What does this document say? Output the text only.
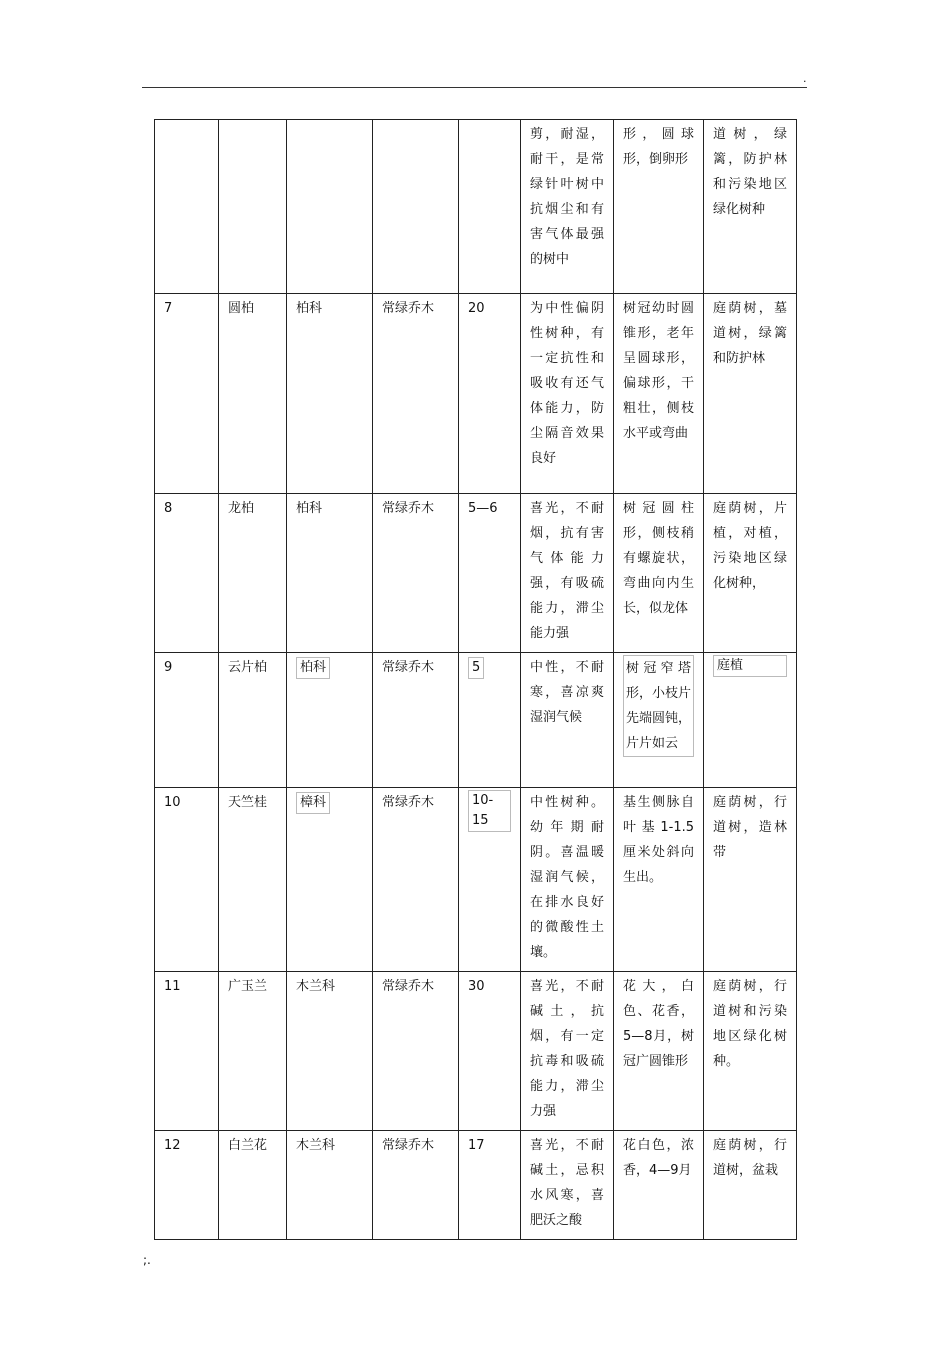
.
					剪，耐湿，耐干，是常绿针叶树中抗烟尘和有害气体最强的树中	形，圆球形，倒卵形	道树，绿篱，防护林和污染地区绿化树种
7	圆柏	柏科	常绿乔木	20	为中性偏阴性树种，有一定抗性和吸收有还气体能力，防尘隔音效果良好	树冠幼时圆锥形，老年呈圆球形，偏球形，干粗壮，侧枝水平或弯曲	庭荫树，墓道树，绿篱和防护林
8	龙柏	柏科	常绿乔木	5—6	喜光，不耐烟，抗有害气体能力强，有吸硫能力，滞尘能力强	树冠圆柱形，侧枝稍有螺旋状，弯曲向内生长，似龙体	庭荫树，片植，对植，污染地区绿化树种，
9	云片柏	柏科	常绿乔木	5	中性，不耐寒，喜凉爽湿润气候	树冠窄塔形，小枝片先端圆钝，片片如云	庭植

10	天竺桂	樟科	常绿乔木	10-15	中性树种。幼年期耐阴。喜温暖湿润气候，在排水良好的微酸性土壤。	基生侧脉自叶基1-1.5厘米处斜向生出。	庭荫树，行道树，造林带
11	广玉兰	木兰科	常绿乔木	30	喜光，不耐碱土，抗烟，有一定抗毒和吸硫能力，滞尘力强	花大，白色、花香，5—8月，树冠广圆锥形	庭荫树，行道树和污染地区绿化树种。
12	白兰花	木兰科	常绿乔木	17	喜光，不耐碱土，忌积水风寒，喜肥沃之酸	花白色，浓香，4—9月	庭荫树，行道树，盆栽
;.
